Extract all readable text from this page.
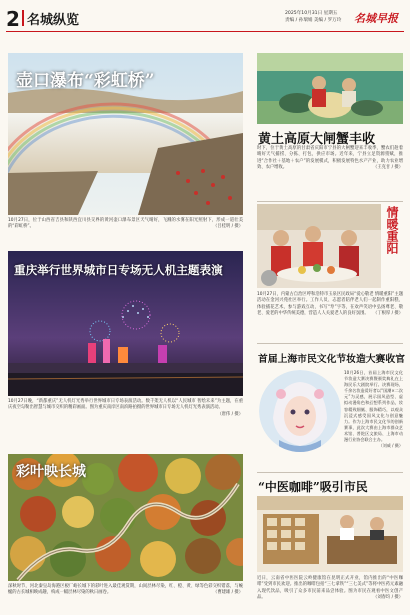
2 名城纵览	2025年10月31日 星期五
责编 / 孙瑞娟 美编 / 罗万玲 名城早报
壶口瀑布“彩虹桥”
10月27日，位于山西省吉县和陕西宜川县交界的黄河壶口瀑布景区天气晴好，飞溅的水雾在阳光照射下，形成一道壮美的“彩虹桥”。	（吕桂明 / 摄）
重庆举行世界城市日专场无人机主题表演
10月27日晚，“新都重庆”无人机灯光秀举行世界城市日专场表演活动。数千架无人机以“人民城市 智绘未来”为主题，在重庆夜空勾勒出智慧与城市交织的精彩画面。图为重庆南岸区南滨路拍摄的世界城市日专场无人机灯光秀表演活动。
（唐伟 / 摄）
彩叶映长城
深秋时节，河北秦皇岛海港区板厂峪长城下的彩叶进入最佳观赏期，山间层林尽染，红、橙、黄、绿等色彩交织错落，与蜿蜒的古长城相映成趣，构成一幅层林尽染的秋日画卷。	（曹建雄 / 摄）
黄土高原大闸蟹丰收
时下，位于黄土高原的甘肃省庆阳市宁县的大闸蟹迎来丰收季，蟹农们趁着晴好天气捕捞、分拣、打包，供应市场。近年来，宁县立足资源禀赋，推进“合作社＋基地＋农户”的发展模式，积极发展特色水产产业，助力农业增效、农户增收。	（王克甘 / 摄）
情暖重阳
10月27日，内蒙古自治区呼和浩特市玉泉区民政局“爱心敬老 情暖重阳”主题活动在金河兴苑社区举行。工作人员、志愿者陪伴老人们一起制作重阳糕、体验插花艺术，参与游戏互动，书写“寿”字等，在欢声笑语中弘扬尊老、敬老、爱老的中华传统美德，营造人人关爱老人的良好氛围。 （丁根厚 / 摄）
首届上海市民文化节妆造大赛收官
10月26日，首届上海市民文化节妆造大赛决赛暨颁奖典礼在上海民乐大剧院举行。决赛现场，千余名妆造爱好者以“国潮×二次元”为灵感，展示国风造型、虚拟动漫角色和幻想系列作品，妆容精致细腻、服饰精巧，以观众沉浸式感受国风文化与创意魅力。作为上海市民文化节的创新赛事，此次大赛由上海市群众艺术馆、普陀区文旅局、上海市动漫行业协会联合主办。
（刘威 / 摄）
“中医咖啡”吸引市民
近日，云南省中医医院云岭健康馆在昆明正式开业，馆内推出的“中医咖啡”受到市民欢迎。推出的咖啡包括“三七拿铁”“三七美式”等将中医药元素融入现代饮品，吸引了众多市民前来品尝体验。图为市民在观看中医文创产品。	（刘春均 / 摄）
